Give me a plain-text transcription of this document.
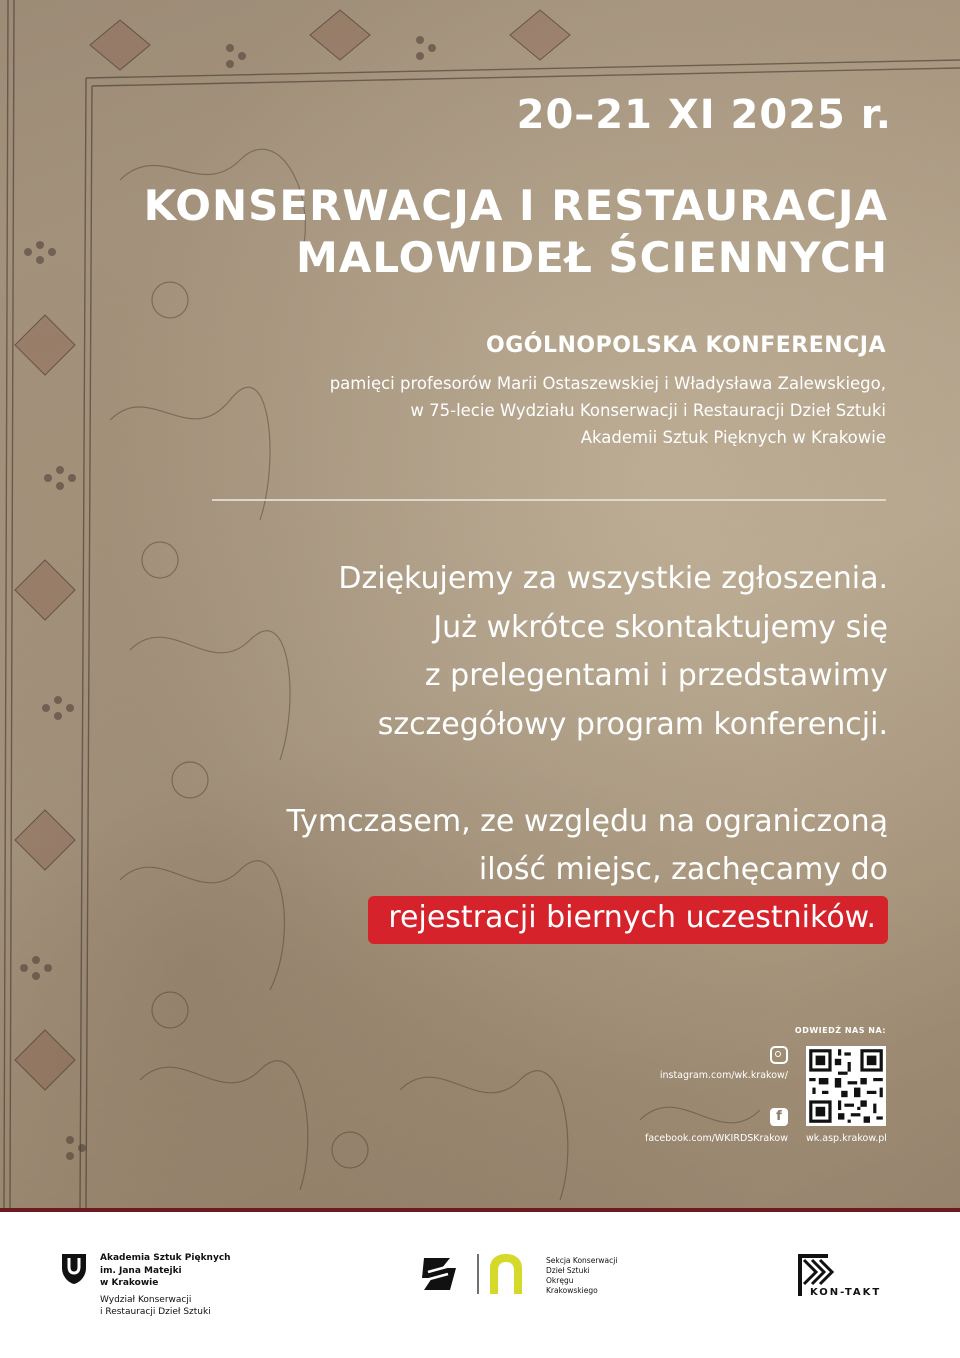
20–21 XI 2025 r.
KONSERWACJA I RESTAURACJA
MALOWIDEŁ ŚCIENNYCH
OGÓLNOPOLSKA KONFERENCJA
pamięci profesorów Marii Ostaszewskiej i Władysława Zalewskiego,
w 75-lecie Wydziału Konserwacji i Restauracji Dzieł Sztuki
Akademii Sztuk Pięknych w Krakowie
Dziękujemy za wszystkie zgłoszenia.
Już wkrótce skontaktujemy się
z prelegentami i przedstawimy
szczegółowy program konferencji.
Tymczasem, ze względu na ograniczoną
ilość miejsc, zachęcamy do
rejestracji biernych uczestników.
ODWIEDŹ NAS NA:
instagram.com/wk.krakow/
f
facebook.com/WKIRDSKrakow wk.asp.krakow.pl
Akademia Sztuk Pięknych
im. Jana Matejki
w Krakowie
Wydział Konserwacji
i Restauracji Dzieł Sztuki
Sekcja Konserwacji
Dzieł Sztuki
Okręgu
Krakowskiego	KON-TAKT
